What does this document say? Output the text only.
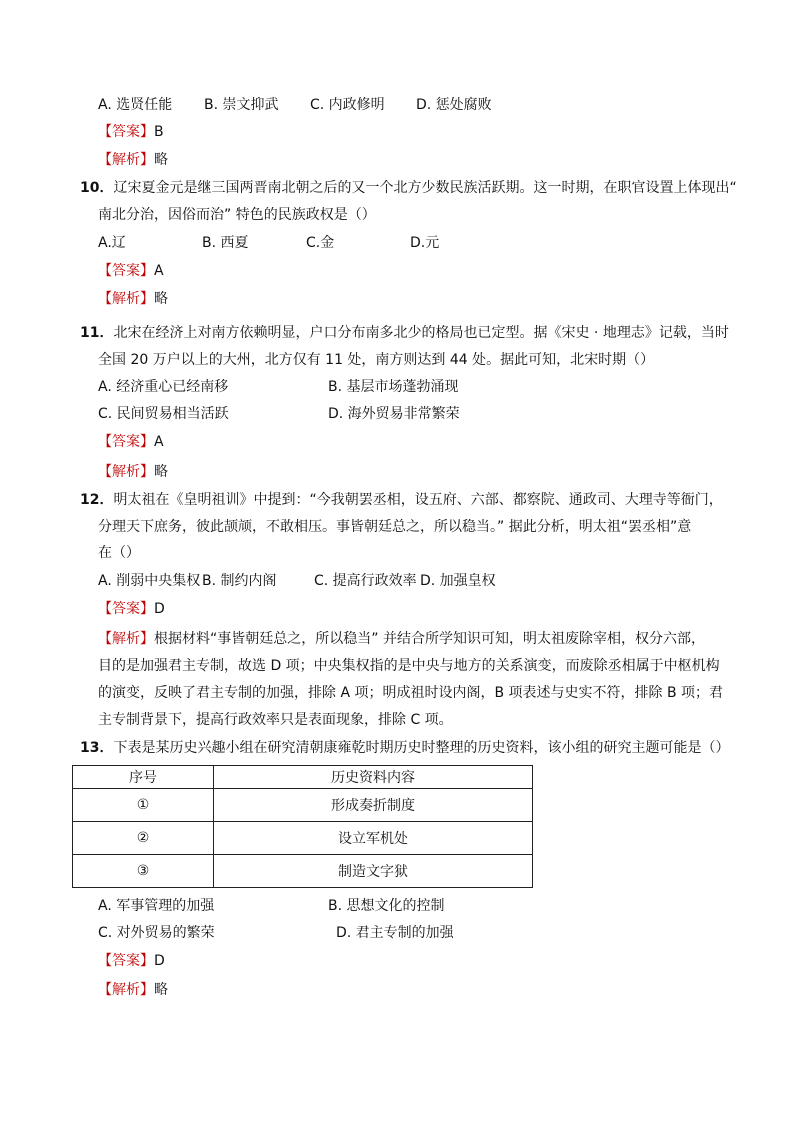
A. 选贤任能 B. 崇文抑武 C. 内政修明 D. 惩处腐败
【答案】B
【解析】略
10．辽宋夏金元是继三国两晋南北朝之后的又一个北方少数民族活跃期。这一时期，在职官设置上体现出“
南北分治，因俗而治” 特色的民族政权是（）
A.辽	B. 西夏	C.金	D.元
【答案】A
【解析】略
11．北宋在经济上对南方依赖明显，户口分布南多北少的格局也已定型。据《宋史 · 地理志》记载，当时
全国 20 万户以上的大州，北方仅有 11 处，南方则达到 44 处。据此可知，北宋时期（）
A. 经济重心已经南移	B. 基层市场蓬勃涌现
C. 民间贸易相当活跃	D. 海外贸易非常繁荣
【答案】A
【解析】略
12．明太祖在《皇明祖训》中提到：“今我朝罢丞相，设五府、六部、都察院、通政司、大理寺等衙门，
分理天下庶务，彼此颉颃，不敢相压。事皆朝廷总之，所以稳当。” 据此分析，明太祖“罢丞相”意
在（）
A. 削弱中央集权 B. 制约内阁	C. 提高行政效率 D. 加强皇权
【答案】D
【解析】根据材料“事皆朝廷总之，所以稳当” 并结合所学知识可知，明太祖废除宰相，权分六部，
目的是加强君主专制，故选 D 项；中央集权指的是中央与地方的关系演变，而废除丞相属于中枢机构
的演变，反映了君主专制的加强，排除 A 项；明成祖时设内阁，B 项表述与史实不符，排除 B 项；君
主专制背景下，提高行政效率只是表面现象，排除 C 项。
13．下表是某历史兴趣小组在研究清朝康雍乾时期历史时整理的历史资料，该小组的研究主题可能是（）
序号	历史资料内容
①	形成奏折制度
②	设立军机处
③	制造文字狱
A. 军事管理的加强	B. 思想文化的控制
C. 对外贸易的繁荣	D. 君主专制的加强
【答案】D
【解析】略
